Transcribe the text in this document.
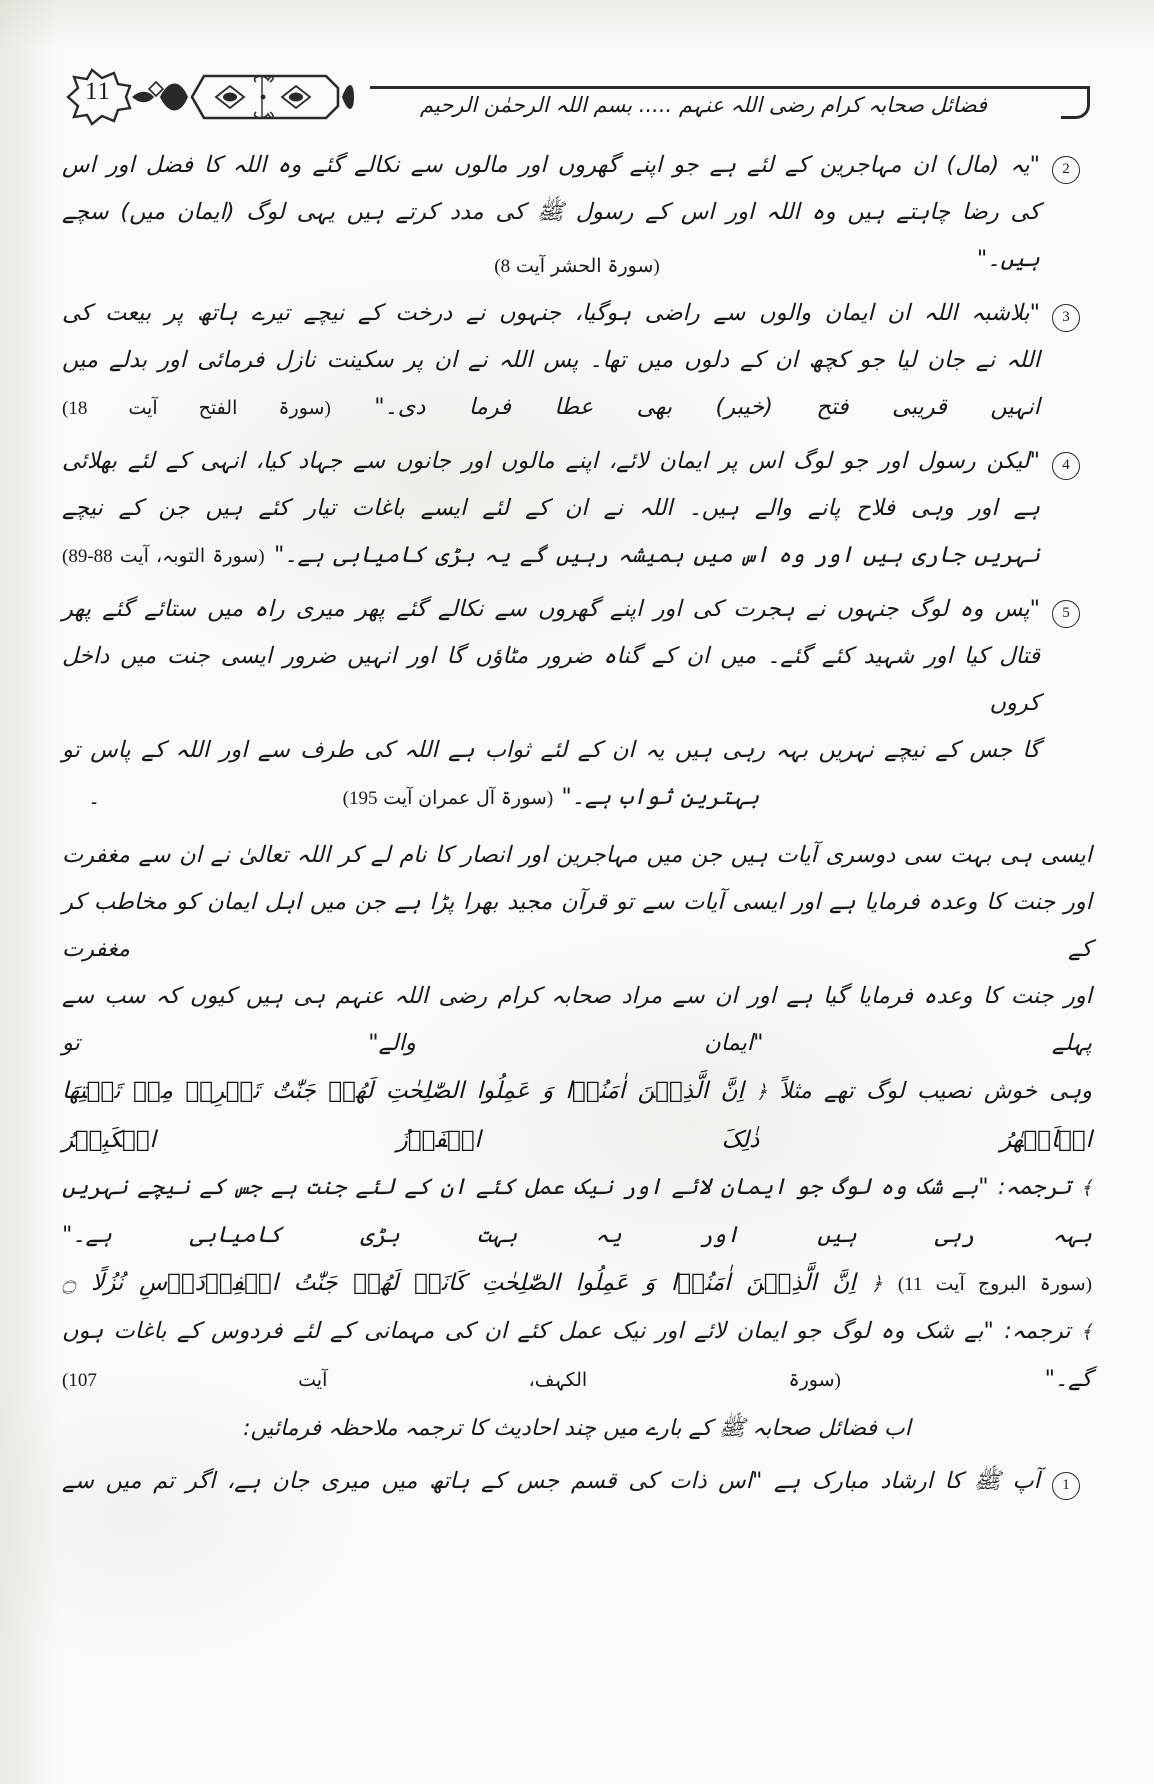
11	فضائل صحابہ کرام رضی اللہ عنہم ..... بسم اللہ الرحمٰن الرحیم
2
"یہ (مال) ان مہاجرین کے لئے ہے جو اپنے گھروں اور مالوں سے نکالے گئے وہ اللہ کا فضل اور اس
کی رضا چاہتے ہیں وہ اللہ اور اس کے رسول ﷺ کی مدد کرتے ہیں یہی لوگ (ایمان میں) سچے
ہیں۔"
(سورۃ الحشر آیت 8)
3
"بلاشبہ اللہ ان ایمان والوں سے راضی ہوگیا، جنہوں نے درخت کے نیچے تیرے ہاتھ پر بیعت کی
اللہ نے جان لیا جو کچھ ان کے دلوں میں تھا۔ پس اللہ نے ان پر سکینت نازل فرمائی اور بدلے میں
انہیں قریبی فتح (خیبر) بھی عطا فرما دی۔" (سورۃ الفتح آیت 18)
4
"لیکن رسول اور جو لوگ اس پر ایمان لائے، اپنے مالوں اور جانوں سے جہاد کیا، انہی کے لئے بھلائی
ہے اور وہی فلاح پانے والے ہیں۔ اللہ نے ان کے لئے ایسے باغات تیار کئے ہیں جن کے نیچے
نہریں جاری ہیں اور وہ اس میں ہمیشہ رہیں گے یہ بڑی کامیابی ہے۔" (سورۃ التوبہ، آیت 88-89)
5
"پس وہ لوگ جنہوں نے ہجرت کی اور اپنے گھروں سے نکالے گئے پھر میری راہ میں ستائے گئے پھر
قتال کیا اور شہید کئے گئے۔ میں ان کے گناہ ضرور مٹاؤں گا اور انہیں ضرور ایسی جنت میں داخل کروں
گا جس کے نیچے نہریں بہہ رہی ہیں یہ ان کے لئے ثواب ہے اللہ کی طرف سے اور اللہ کے پاس تو
۔	بہترین ثواب ہے۔" (سورۃ آل عمران آیت 195)
ایسی ہی بہت سی دوسری آیات ہیں جن میں مہاجرین اور انصار کا نام لے کر اللہ تعالیٰ نے ان سے مغفرت
اور جنت کا وعدہ فرمایا ہے اور ایسی آیات سے تو قرآن مجید بھرا پڑا ہے جن میں اہل ایمان کو مخاطب کر کے مغفرت
اور جنت کا وعدہ فرمایا گیا ہے اور ان سے مراد صحابہ کرام رضی اللہ عنہم ہی ہیں کیوں کہ سب سے پہلے "ایمان والے" تو
وہی خوش نصیب لوگ تھے مثلاً ﴿ اِنَّ الَّذِیۡنَ اٰمَنُوۡا وَ عَمِلُوا الصّٰلِحٰتِ لَهُمۡ جَنّٰتٌ تَجۡرِیۡ مِنۡ تَحۡتِهَا الۡاَنۡهٰرُ ذٰلِکَ الۡفَوۡزُ الۡکَبِیۡرُ
﴾ ترجمہ: "بے شک وہ لوگ جو ایمان لائے اور نیک عمل کئے ان کے لئے جنت ہے جس کے نیچے نہریں بہہ رہی ہیں اور یہ بہت بڑی کامیابی ہے۔"
(سورۃ البروج آیت 11) ﴿ اِنَّ الَّذِیۡنَ اٰمَنُوۡا وَ عَمِلُوا الصّٰلِحٰتِ کَانَتۡ لَهُمۡ جَنّٰتُ الۡفِرۡدَوۡسِ نُزُلًا ۝
﴾ ترجمہ: "بے شک وہ لوگ جو ایمان لائے اور نیک عمل کئے ان کی مہمانی کے لئے فردوس کے باغات ہوں گے۔" (سورۃ الکہف، آیت 107)
اب فضائل صحابہ ﷺ کے بارے میں چند احادیث کا ترجمہ ملاحظہ فرمائیں:
1
آپ ﷺ کا ارشاد مبارک ہے "اس ذات کی قسم جس کے ہاتھ میں میری جان ہے، اگر تم میں سے
